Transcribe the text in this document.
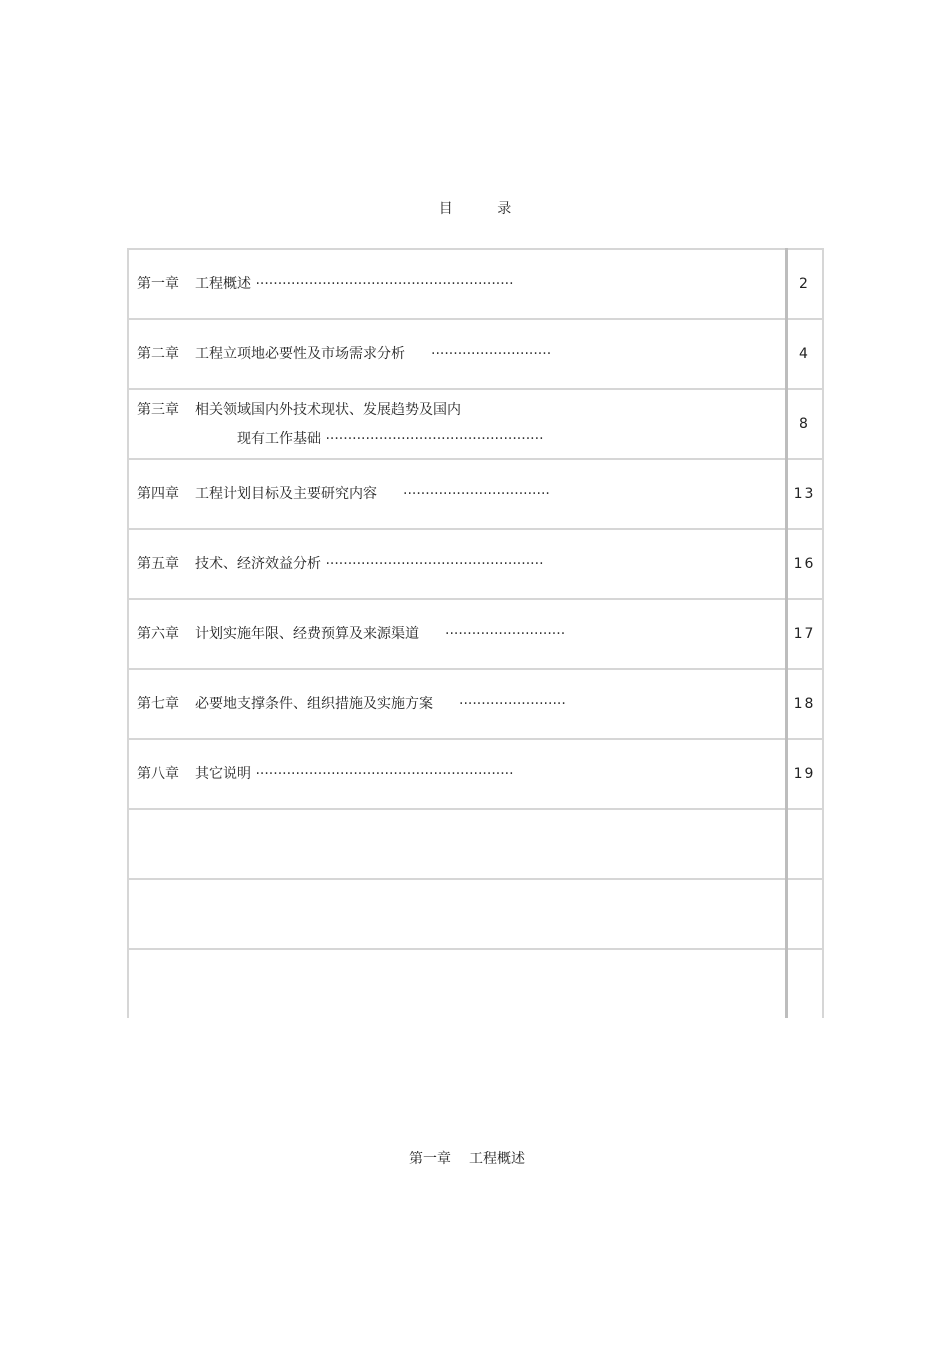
目 录
第一章 工程概述 ··························································	2

第二章 工程立项地必要性及市场需求分析 ···························	4

第三章 相关领域国内外技术现状、发展趋势及国内
现有工作基础 ·················································	8

第四章 工程计划目标及主要研究内容 ·································	13

第五章 技术、经济效益分析 ·················································	16

第六章 计划实施年限、经费预算及来源渠道 ···························	17

第七章 必要地支撑条件、组织措施及实施方案 ························	18

第八章 其它说明 ··························································	19

第一章 工程概述
